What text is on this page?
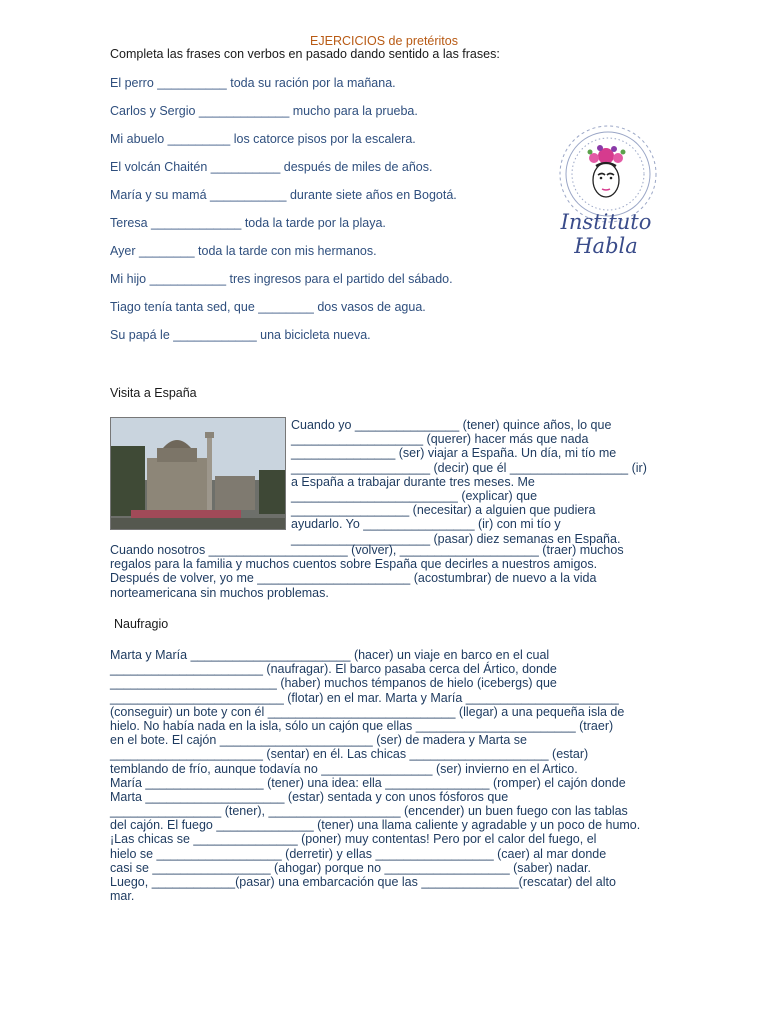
EJERCICIOS de pretéritos
Completa las frases con verbos en pasado dando sentido a las frases:
El perro __________ toda su ración por la mañana.
Carlos y Sergio _____________ mucho para la prueba.
Mi abuelo _________ los catorce pisos por la escalera.
El volcán Chaitén __________ después de miles de años.
María y su mamá ___________ durante siete años en Bogotá.
Teresa _____________ toda la tarde por la playa.
Ayer ________ toda la tarde con mis hermanos.
Mi hijo ___________ tres ingresos para el partido del sábado.
Tiago tenía tanta sed, que ________ dos vasos de agua.
Su papá le ____________ una bicicleta nueva.
Instituto Habla
Visita a España
Cuando yo _______________ (tener) quince años, lo que
___________________ (querer) hacer más que nada
_______________ (ser) viajar a España. Un día, mi tío me
____________________ (decir) que él _________________ (ir)
a España a trabajar durante tres meses. Me
________________________ (explicar) que
_________________ (necesitar) a alguien que pudiera
ayudarlo. Yo ________________ (ir) con mi tío y
____________________ (pasar) diez semanas en España.
Cuando nosotros ____________________ (volver), ____________________ (traer) muchos
regalos para la familia y muchos cuentos sobre España que decirles a nuestros amigos.
Después de volver, yo me ______________________ (acostumbrar) de nuevo a la vida
norteamericana sin muchos problemas.
Naufragio
Marta y María _______________________ (hacer) un viaje en barco en el cual
______________________ (naufragar). El barco pasaba cerca del Ártico, donde
________________________ (haber) muchos témpanos de hielo (icebergs) que
_________________________ (flotar) en el mar. Marta y María ______________________
(conseguir) un bote y con él ___________________________ (llegar) a una pequeña isla de
hielo. No había nada en la isla, sólo un cajón que ellas _______________________ (traer)
en el bote. El cajón ______________________ (ser) de madera y Marta se
______________________ (sentar) en él. Las chicas ____________________ (estar)
temblando de frío, aunque todavía no ________________ (ser) invierno en el Artico.
María _________________ (tener) una idea: ella _______________ (romper) el cajón donde
Marta ____________________ (estar) sentada y con unos fósforos que
________________ (tener), ___________________ (encender) un buen fuego con las tablas
del cajón. El fuego ______________ (tener) una llama caliente y agradable y un poco de humo.
¡Las chicas se _______________ (poner) muy contentas! Pero por el calor del fuego, el
hielo se __________________ (derretir) y ellas _________________ (caer) al mar donde
casi se _________________ (ahogar) porque no __________________ (saber) nadar.
Luego, ____________(pasar) una embarcación que las ______________(rescatar) del alto
mar.
